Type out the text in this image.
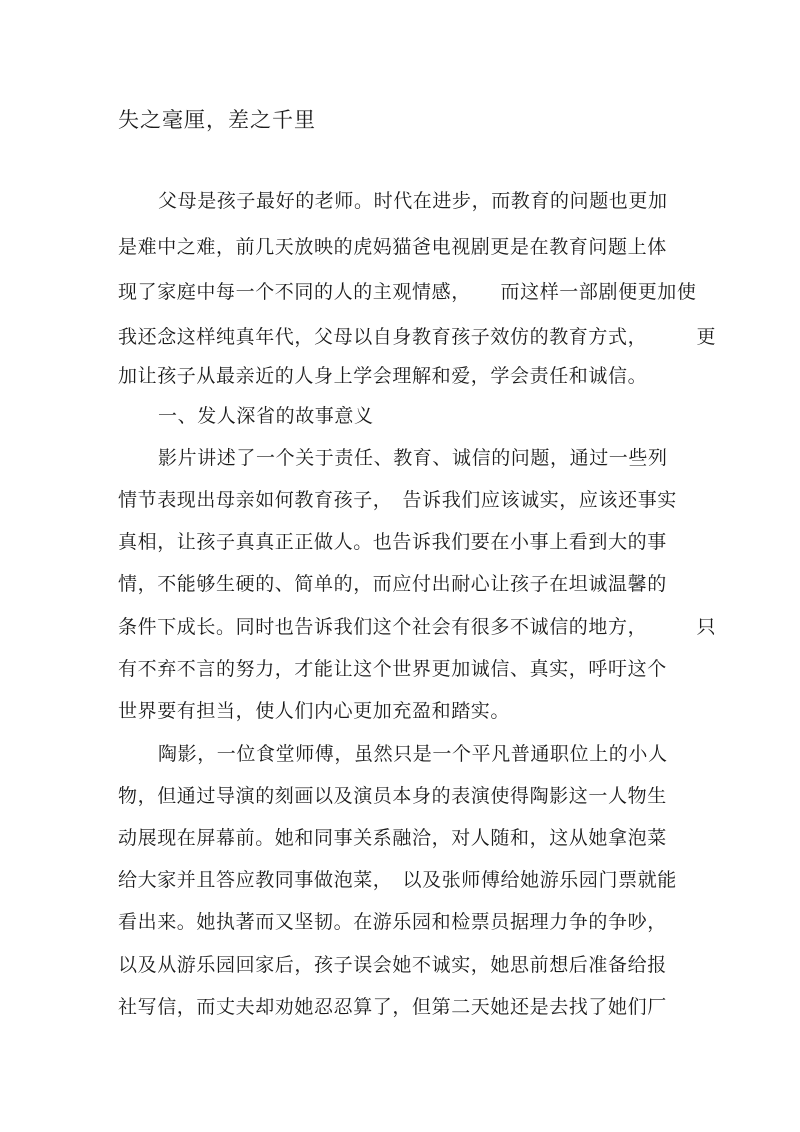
失之毫厘，差之千里
父母是孩子最好的老师。时代在进步，而教育的问题也更加
是难中之难，前几天放映的虎妈猫爸电视剧更是在教育问题上体
现了家庭中每一个不同的人的主观情感，　　而这样一部剧便更加使
我还念这样纯真年代，父母以自身教育孩子效仿的教育方式，　　　更
加让孩子从最亲近的人身上学会理解和爱，学会责任和诚信。
一、发人深省的故事意义
影片讲述了一个关于责任、教育、诚信的问题，通过一些列
情节表现出母亲如何教育孩子，　告诉我们应该诚实，应该还事实
真相，让孩子真真正正做人。也告诉我们要在小事上看到大的事
情，不能够生硬的、简单的，而应付出耐心让孩子在坦诚温馨的
条件下成长。同时也告诉我们这个社会有很多不诚信的地方，　　　只
有不弃不言的努力，才能让这个世界更加诚信、真实，呼吁这个
世界要有担当，使人们内心更加充盈和踏实。
陶影，一位食堂师傅，虽然只是一个平凡普通职位上的小人
物，但通过导演的刻画以及演员本身的表演使得陶影这一人物生
动展现在屏幕前。她和同事关系融洽，对人随和，这从她拿泡菜
给大家并且答应教同事做泡菜，　以及张师傅给她游乐园门票就能
看出来。她执著而又坚韧。在游乐园和检票员据理力争的争吵，
以及从游乐园回家后，孩子误会她不诚实，她思前想后准备给报
社写信，而丈夫却劝她忍忍算了，但第二天她还是去找了她们厂
